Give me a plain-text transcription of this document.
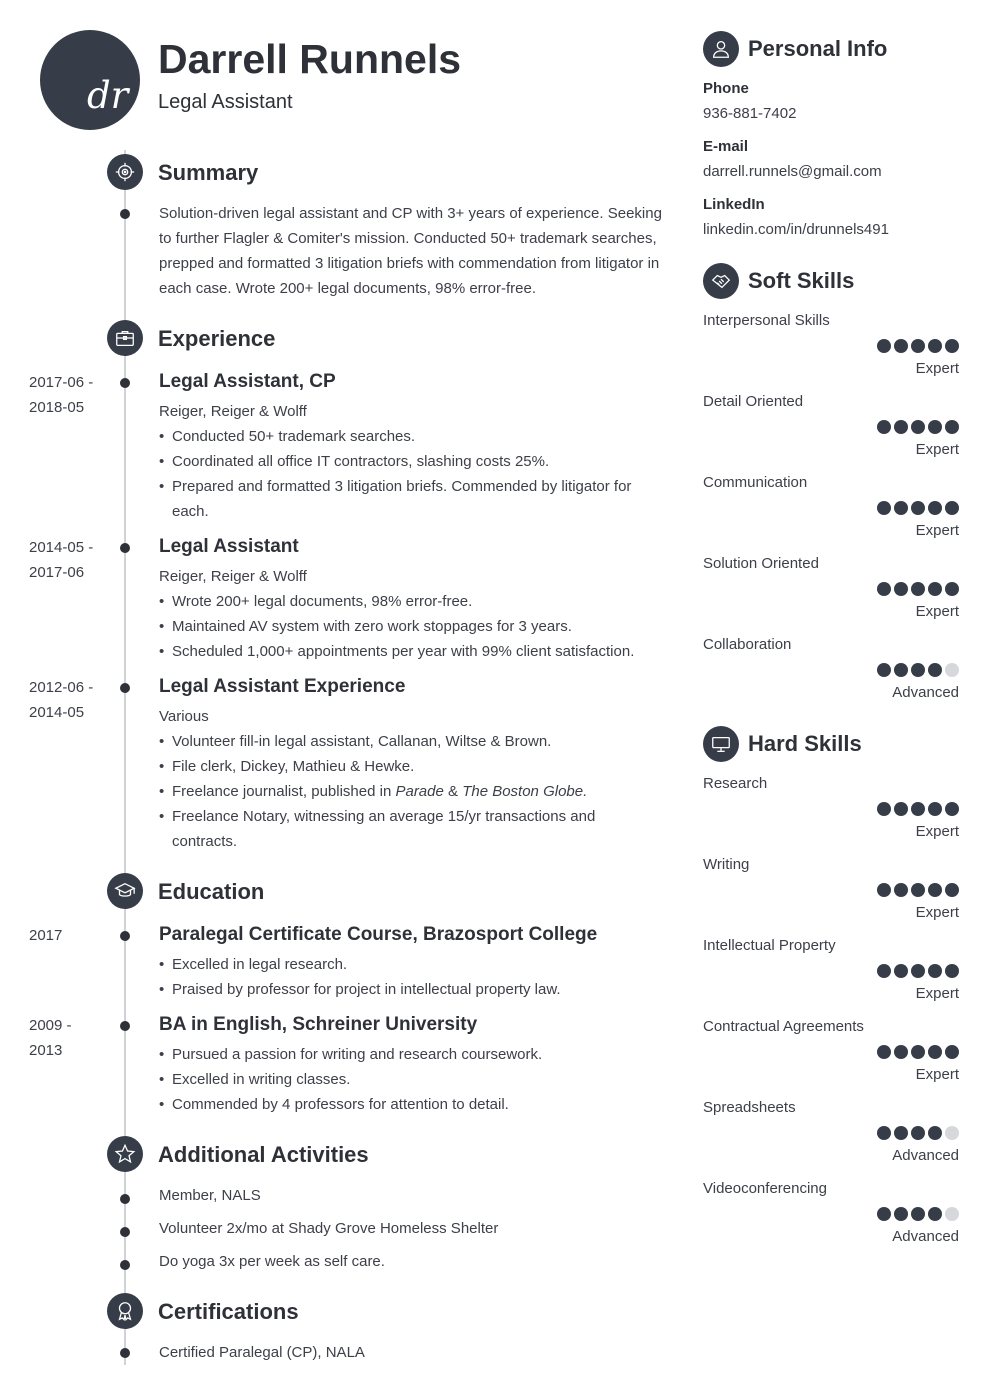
dr
Darrell Runnels
Legal Assistant
Summary
Solution-driven legal assistant and CP with 3+ years of experience. Seeking to further Flagler & Comiter's mission. Conducted 50+ trademark searches, prepped and formatted 3 litigation briefs with commendation from litigator in each case. Wrote 200+ legal documents, 98% error-free.
Experience
2017-06 -
2018-05
Legal Assistant, CP
Reiger, Reiger & Wolff
• Conducted 50+ trademark searches.
• Coordinated all office IT contractors, slashing costs 25%.
• Prepared and formatted 3 litigation briefs. Commended by litigator for each.
2014-05 -
2017-06
Legal Assistant
Reiger, Reiger & Wolff
• Wrote 200+ legal documents, 98% error-free.
• Maintained AV system with zero work stoppages for 3 years.
• Scheduled 1,000+ appointments per year with 99% client satisfaction.
2012-06 -
2014-05
Legal Assistant Experience
Various
• Volunteer fill-in legal assistant, Callanan, Wiltse & Brown.
• File clerk, Dickey, Mathieu & Hewke.
• Freelance journalist, published in Parade & The Boston Globe.
• Freelance Notary, witnessing an average 15/yr transactions and contracts.
Education
2017	Paralegal Certificate Course, Brazosport College
• Excelled in legal research.
• Praised by professor for project in intellectual property law.
2009 -
2013
BA in English, Schreiner University
• Pursued a passion for writing and research coursework.
• Excelled in writing classes.
• Commended by 4 professors for attention to detail.
Additional Activities
Member, NALS
Volunteer 2x/mo at Shady Grove Homeless Shelter
Do yoga 3x per week as self care.
Certifications
Certified Paralegal (CP), NALA
Personal Info
Phone
936-881-7402
E-mail
darrell.runnels@gmail.com
LinkedIn
linkedin.com/in/drunnels491
Soft Skills
Interpersonal Skills
Expert
Detail Oriented
Expert
Communication
Expert
Solution Oriented
Expert
Collaboration
Advanced
Hard Skills
Research
Expert
Writing
Expert
Intellectual Property
Expert
Contractual Agreements
Expert
Spreadsheets
Advanced
Videoconferencing
Advanced
